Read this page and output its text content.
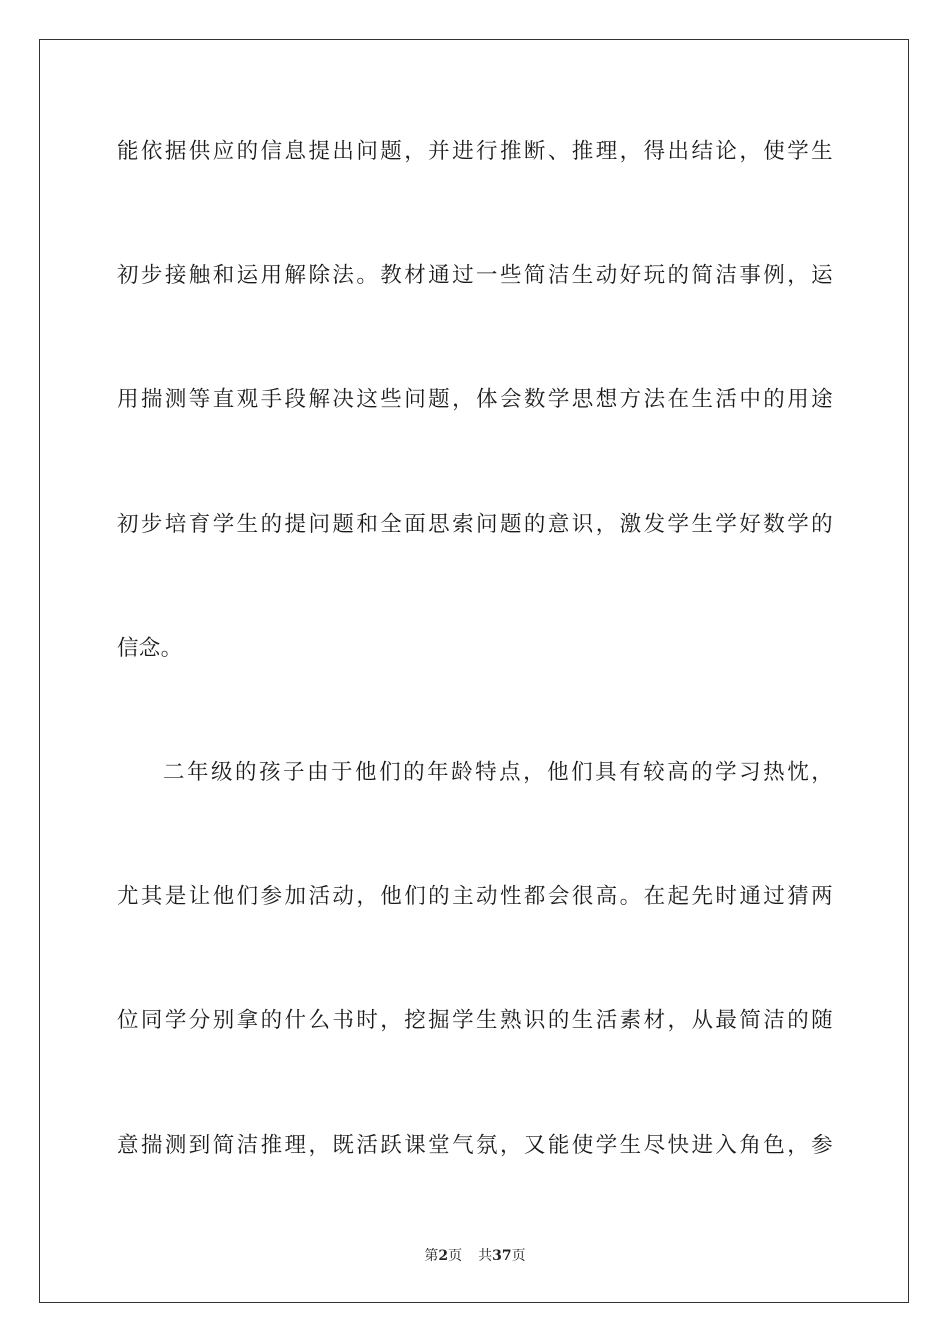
能依据供应的信息提出问题，并进行推断、推理，得出结论，使学生
初步接触和运用解除法。教材通过一些简洁生动好玩的简洁事例，运
用揣测等直观手段解决这些问题，体会数学思想方法在生活中的用途
初步培育学生的提问题和全面思索问题的意识，激发学生学好数学的
信念。
二年级的孩子由于他们的年龄特点，他们具有较高的学习热忱，
尤其是让他们参加活动，他们的主动性都会很高。在起先时通过猜两
位同学分别拿的什么书时，挖掘学生熟识的生活素材，从最简洁的随
意揣测到简洁推理，既活跃课堂气氛，又能使学生尽快进入角色，参
第2页 共37页
